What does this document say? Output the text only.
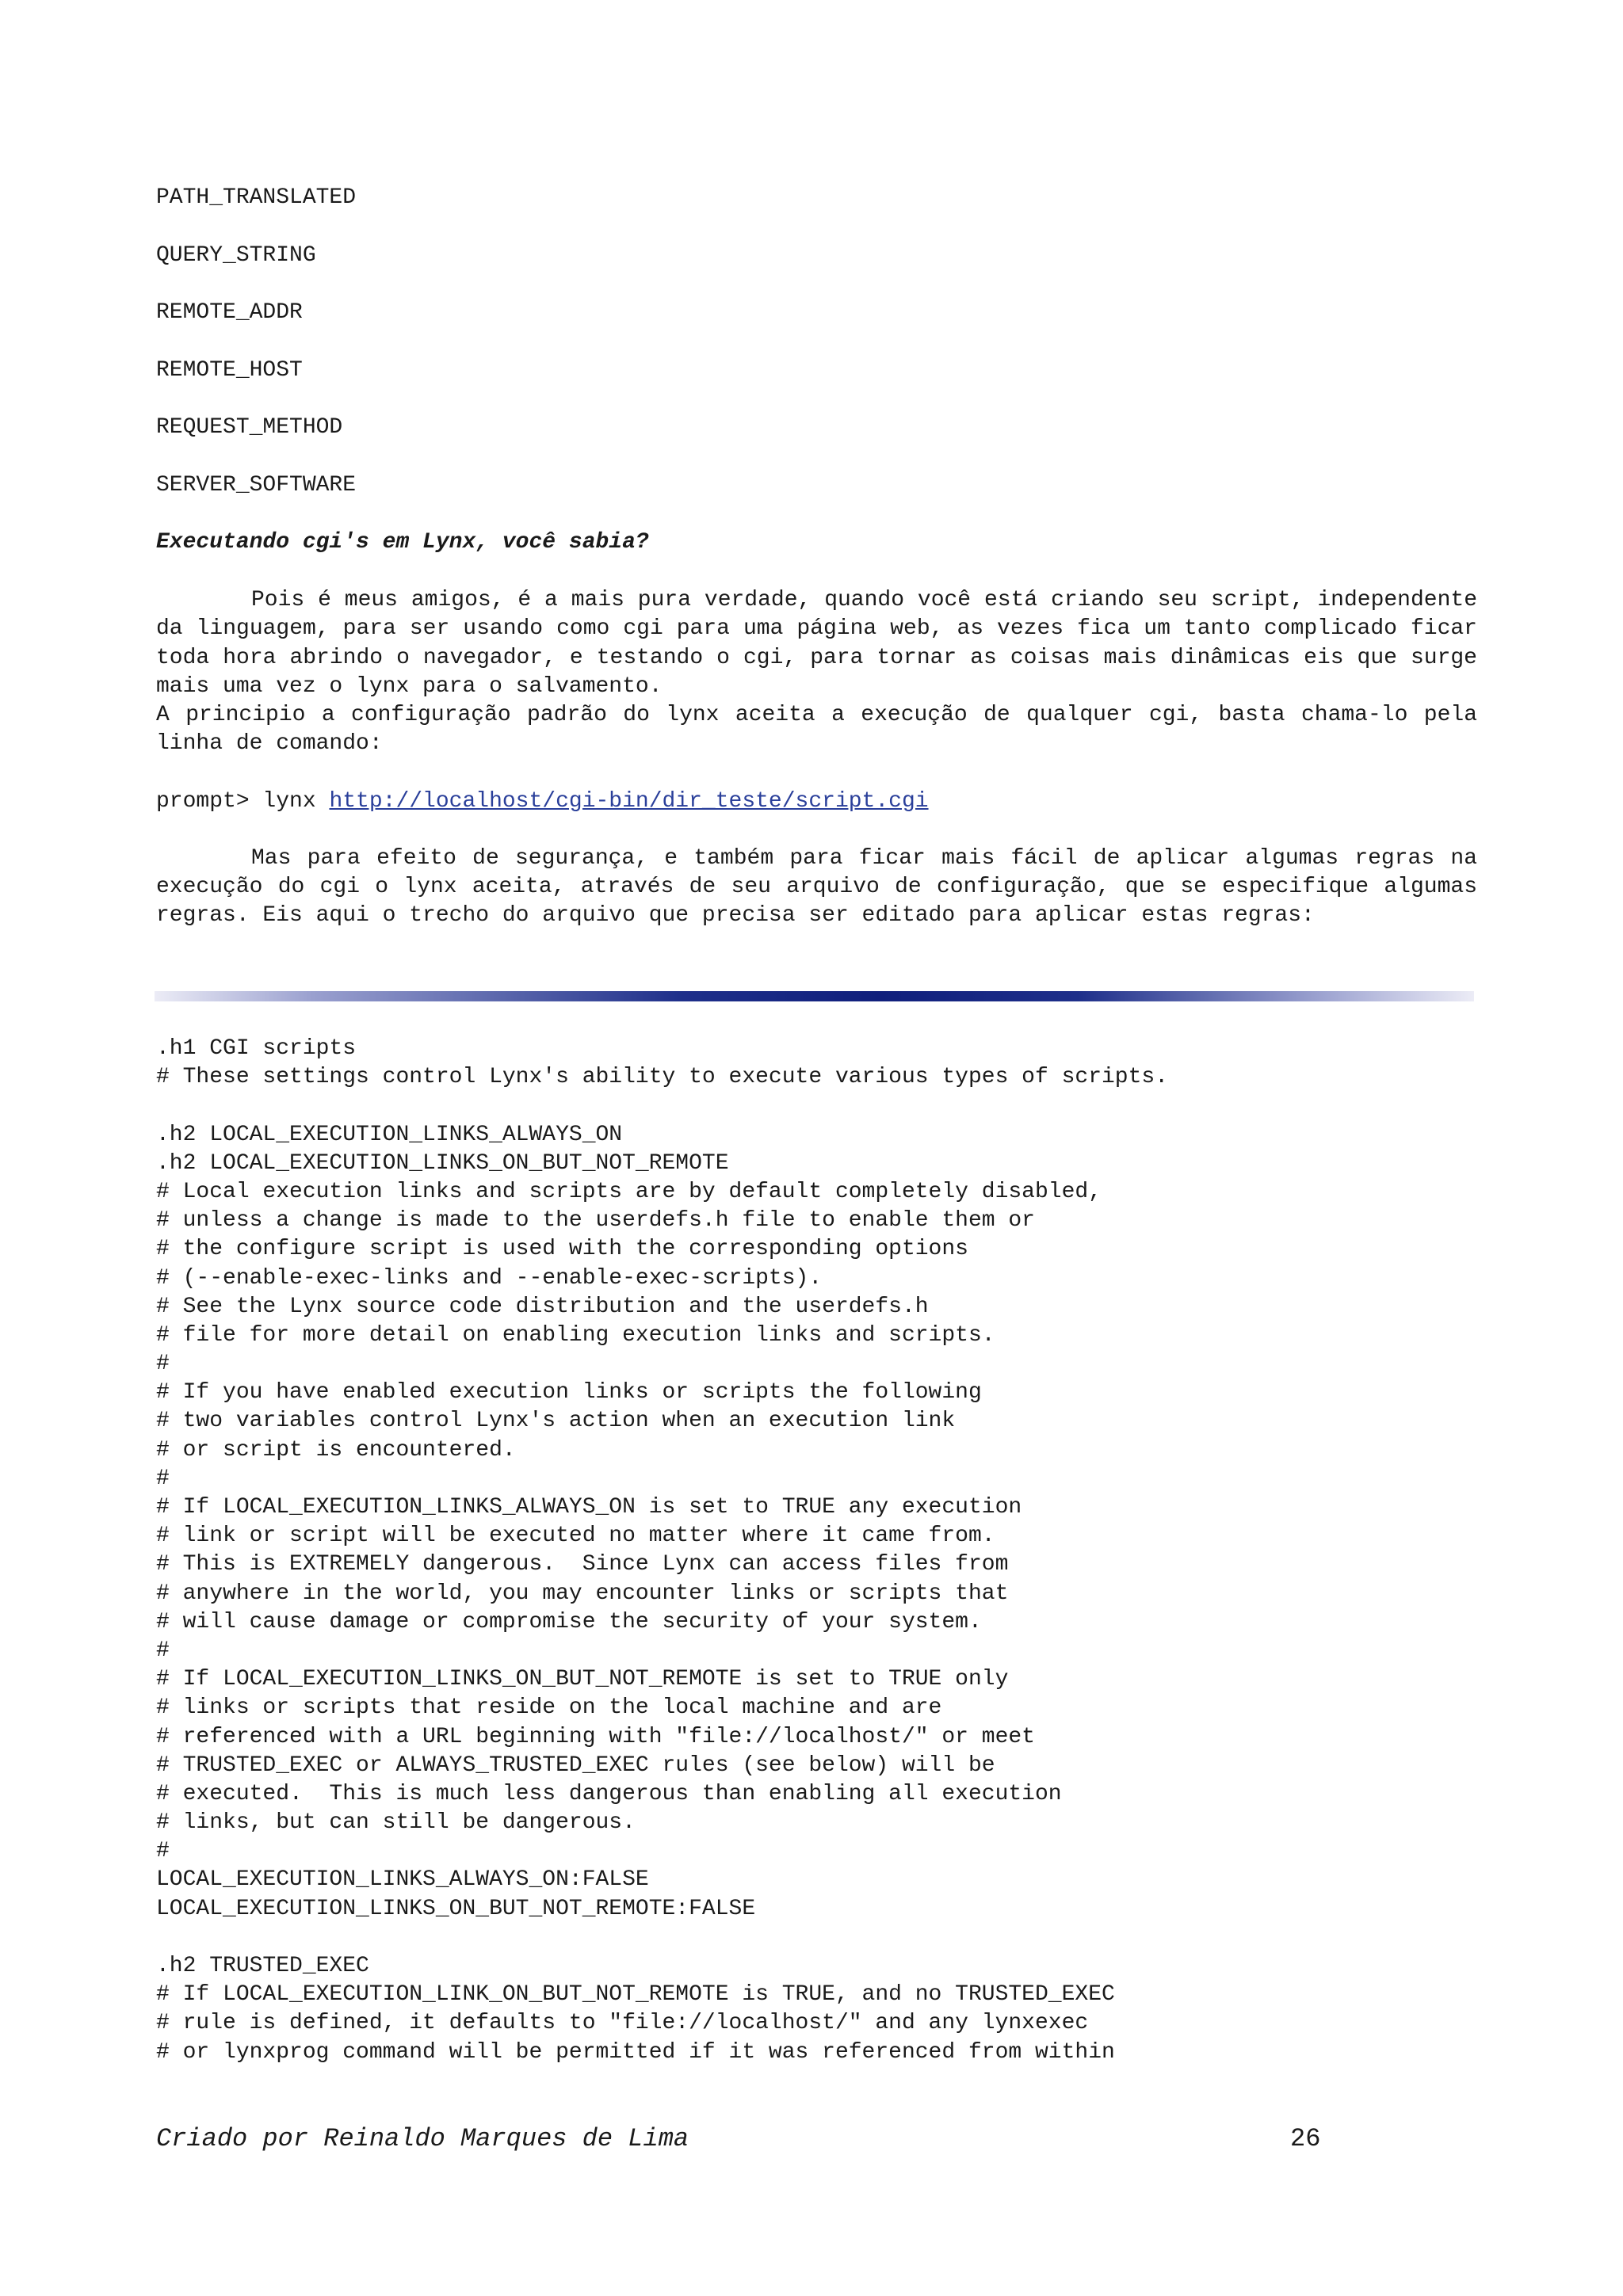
PATH_TRANSLATED
QUERY_STRING
REMOTE_ADDR
REMOTE_HOST
REQUEST_METHOD
SERVER_SOFTWARE
Executando cgi's em Lynx, você sabia?

Pois é meus amigos, é a mais pura verdade, quando você está criando seu script, independente da linguagem, para ser usando como cgi para uma página web, as vezes fica um tanto complicado ficar toda hora abrindo o navegador, e testando o cgi, para tornar as coisas mais dinâmicas eis que surge mais uma vez o lynx para o salvamento.

A principio a configuração padrão do lynx aceita a execução de qualquer cgi, basta chama-lo pela linha de comando:

prompt> lynx http://localhost/cgi-bin/dir_teste/script.cgi

Mas para efeito de segurança, e também para ficar mais fácil de aplicar algumas regras na execução do cgi o lynx aceita, através de seu arquivo de configuração, que se especifique algumas regras. Eis aqui o trecho do arquivo que precisa ser editado para aplicar estas regras:

.h1 CGI scripts
# These settings control Lynx's ability to execute various types of scripts.
.h2 LOCAL_EXECUTION_LINKS_ALWAYS_ON
.h2 LOCAL_EXECUTION_LINKS_ON_BUT_NOT_REMOTE
# Local execution links and scripts are by default completely disabled,
# unless a change is made to the userdefs.h file to enable them or
# the configure script is used with the corresponding options
# (--enable-exec-links and --enable-exec-scripts).
# See the Lynx source code distribution and the userdefs.h
# file for more detail on enabling execution links and scripts.
#
# If you have enabled execution links or scripts the following
# two variables control Lynx's action when an execution link
# or script is encountered.
#
# If LOCAL_EXECUTION_LINKS_ALWAYS_ON is set to TRUE any execution
# link or script will be executed no matter where it came from.
# This is EXTREMELY dangerous.  Since Lynx can access files from
# anywhere in the world, you may encounter links or scripts that
# will cause damage or compromise the security of your system.
#
# If LOCAL_EXECUTION_LINKS_ON_BUT_NOT_REMOTE is set to TRUE only
# links or scripts that reside on the local machine and are
# referenced with a URL beginning with "file://localhost/" or meet
# TRUSTED_EXEC or ALWAYS_TRUSTED_EXEC rules (see below) will be
# executed.  This is much less dangerous than enabling all execution
# links, but can still be dangerous.
#
LOCAL_EXECUTION_LINKS_ALWAYS_ON:FALSE
LOCAL_EXECUTION_LINKS_ON_BUT_NOT_REMOTE:FALSE
.h2 TRUSTED_EXEC
# If LOCAL_EXECUTION_LINK_ON_BUT_NOT_REMOTE is TRUE, and no TRUSTED_EXEC
# rule is defined, it defaults to "file://localhost/" and any lynxexec
# or lynxprog command will be permitted if it was referenced from within
Criado por Reinaldo Marques de Lima	26
